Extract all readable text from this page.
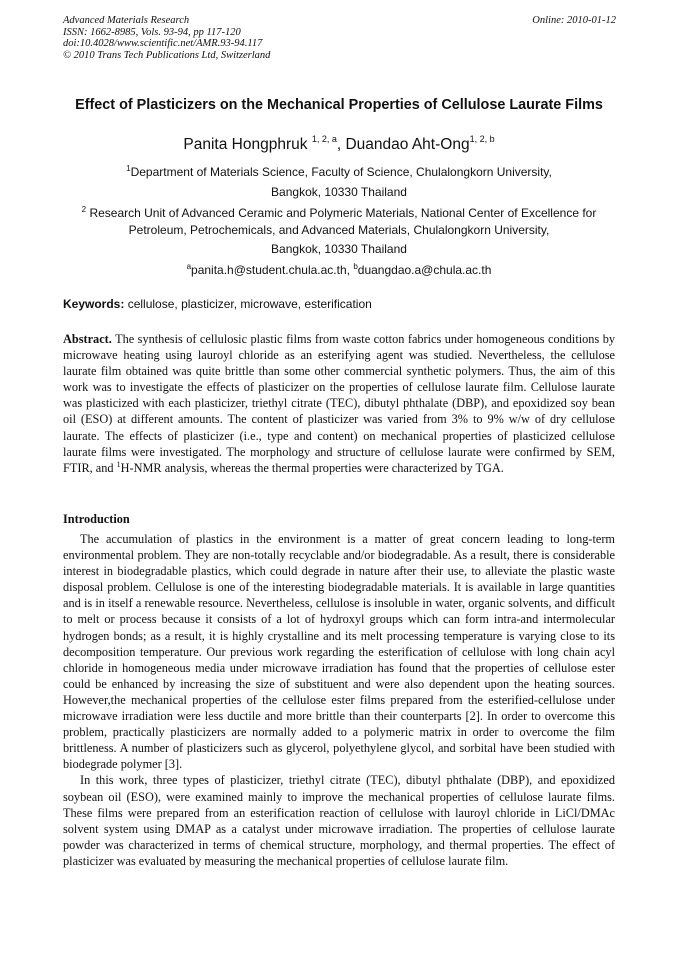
Advanced Materials Research
ISSN: 1662-8985, Vols. 93-94, pp 117-120
doi:10.4028/www.scientific.net/AMR.93-94.117
© 2010 Trans Tech Publications Ltd, Switzerland
Online: 2010-01-12
Effect of Plasticizers on the Mechanical Properties of Cellulose Laurate Films
Panita Hongphruk $^{1, 2, a}$, Duandao Aht-Ong$^{1, 2, b}$
$^1$Department of Materials Science, Faculty of Science, Chulalongkorn University,
Bangkok, 10330 Thailand
$^2$ Research Unit of Advanced Ceramic and Polymeric Materials, National Center of Excellence for Petroleum, Petrochemicals, and Advanced Materials, Chulalongkorn University,
Bangkok, 10330 Thailand
$^a$panita.h@student.chula.ac.th, $^b$duangdao.a@chula.ac.th
Keywords: cellulose, plasticizer, microwave, esterification
Abstract. The synthesis of cellulosic plastic films from waste cotton fabrics under homogeneous conditions by microwave heating using lauroyl chloride as an esterifying agent was studied. Nevertheless, the cellulose laurate film obtained was quite brittle than some other commercial synthetic polymers. Thus, the aim of this work was to investigate the effects of plasticizer on the properties of cellulose laurate film. Cellulose laurate was plasticized with each plasticizer, triethyl citrate (TEC), dibutyl phthalate (DBP), and epoxidized soy bean oil (ESO) at different amounts. The content of plasticizer was varied from 3% to 9% w/w of dry cellulose laurate. The effects of plasticizer (i.e., type and content) on mechanical properties of plasticized cellulose laurate films were investigated. The morphology and structure of cellulose laurate were confirmed by SEM, FTIR, and $^1$H-NMR analysis, whereas the thermal properties were characterized by TGA.
Introduction

The accumulation of plastics in the environment is a matter of great concern leading to long-term environmental problem. They are non-totally recyclable and/or biodegradable. As a result, there is considerable interest in biodegradable plastics, which could degrade in nature after their use, to alleviate the plastic waste disposal problem. Cellulose is one of the interesting biodegradable materials. It is available in large quantities and is in itself a renewable resource. Nevertheless, cellulose is insoluble in water, organic solvents, and difficult to melt or process because it consists of a lot of hydroxyl groups which can form intra-and intermolecular hydrogen bonds; as a result, it is highly crystalline and its melt processing temperature is varying close to its decomposition temperature. Our previous work regarding the esterification of cellulose with long chain acyl chloride in homogeneous media under microwave irradiation has found that the properties of cellulose ester could be enhanced by increasing the size of substituent and were also dependent upon the heating sources. However,the mechanical properties of the cellulose ester films prepared from the esterified-cellulose under microwave irradiation were less ductile and more brittle than their counterparts [2]. In order to overcome this problem, practically plasticizers are normally added to a polymeric matrix in order to overcome the film brittleness. A number of plasticizers such as glycerol, polyethylene glycol, and sorbital have been studied with biodegrade polymer [3].

In this work, three types of plasticizer, triethyl citrate (TEC), dibutyl phthalate (DBP), and epoxidized soybean oil (ESO), were examined mainly to improve the mechanical properties of cellulose laurate films. These films were prepared from an esterification reaction of cellulose with lauroyl chloride in LiCl/DMAc solvent system using DMAP as a catalyst under microwave irradiation. The properties of cellulose laurate powder was characterized in terms of chemical structure, morphology, and thermal properties. The effect of plasticizer was evaluated by measuring the mechanical properties of cellulose laurate film.
